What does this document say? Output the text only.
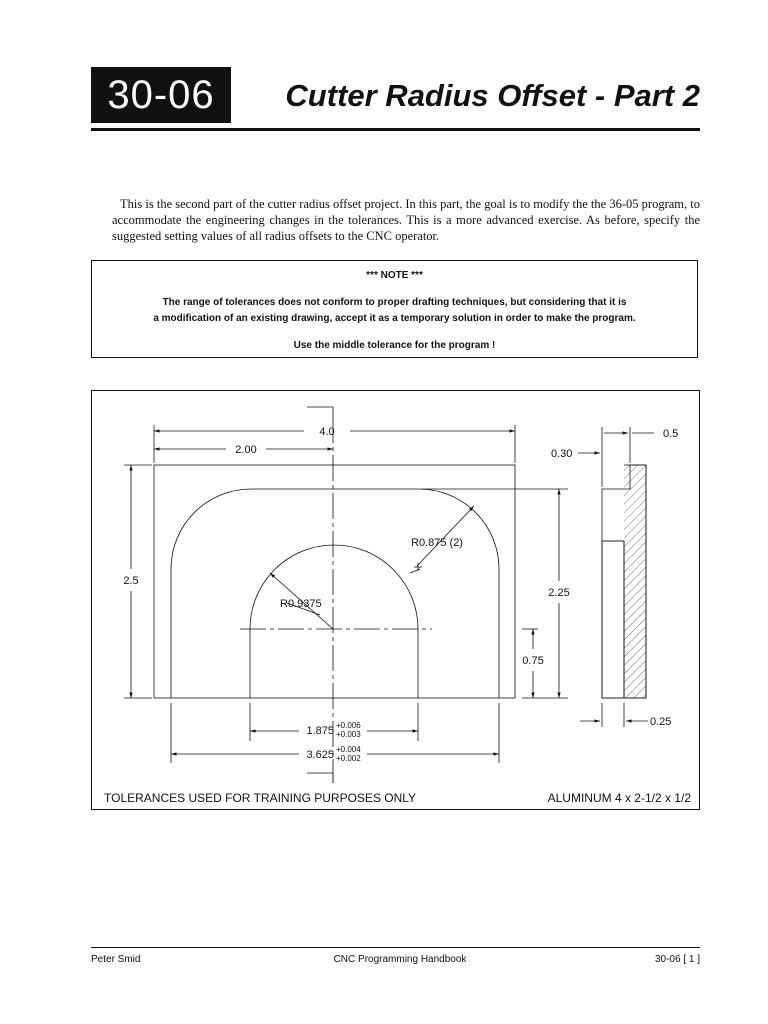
30-06	Cutter Radius Offset - Part 2

This is the second part of the cutter radius offset project. In this part, the goal is to modify the the 36-05 program, to accommodate the engineering changes in the tolerances. This is a more advanced exercise. As before, specify the suggested setting values of all radius offsets to the CNC operator.

*** NOTE ***
The range of tolerances does not conform to proper drafting techniques, but considering that it is
a modification of an existing drawing, accept it as a temporary solution in order to make the program.
Use the middle tolerance for the program !
4.0
2.00
2.5
2.25
0.75
R0.875 (2)
R0.9375
1.875 +0.006
+0.003
3.625 +0.004
+0.002
0.30
0.5
0.25
TOLERANCES USED FOR TRAINING PURPOSES ONLY	ALUMINUM 4 x 2-1/2 x 1/2
Peter Smid	CNC Programming Handbook	30-06 [ 1 ]
